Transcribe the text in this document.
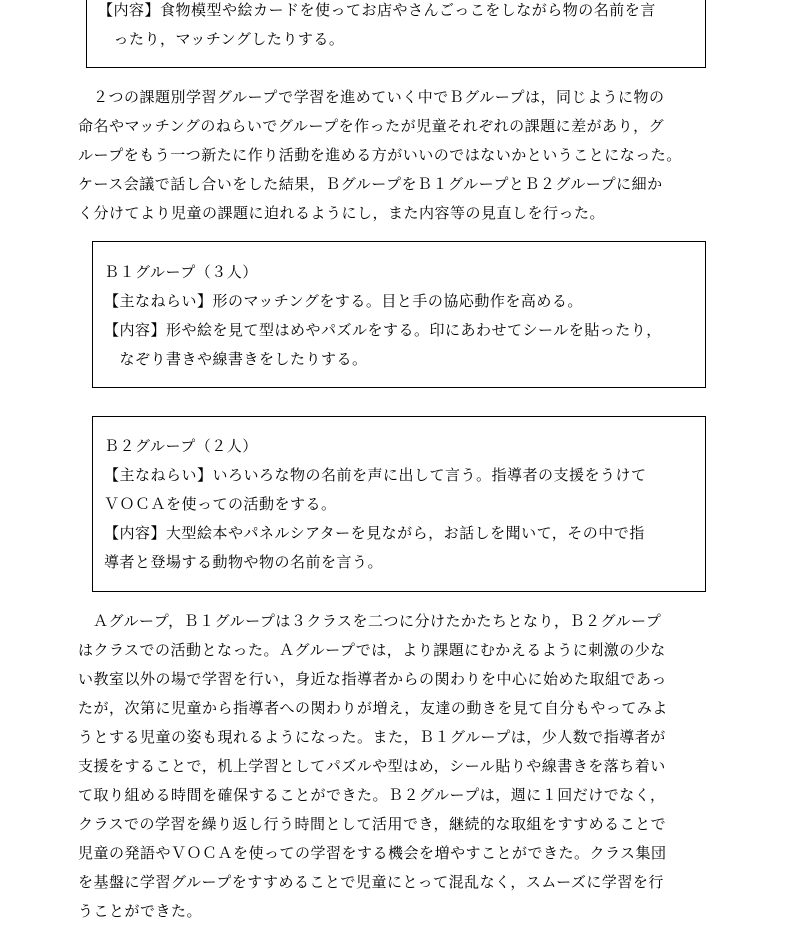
【内容】食物模型や絵カードを使ってお店やさんごっこをしながら物の名前を言
　ったり，マッチングしたりする。
２つの課題別学習グループで学習を進めていく中でＢグループは，同じように物の
命名やマッチングのねらいでグループを作ったが児童それぞれの課題に差があり，グ
ループをもう一つ新たに作り活動を進める方がいいのではないかということになった。
ケース会議で話し合いをした結果，ＢグループをＢ１グループとＢ２グループに細か
く分けてより児童の課題に迫れるようにし，また内容等の見直しを行った。
Ｂ１グループ（３人）
【主なねらい】形のマッチングをする。目と手の協応動作を高める。
【内容】形や絵を見て型はめやパズルをする。印にあわせてシールを貼ったり，
　なぞり書きや線書きをしたりする。
Ｂ２グループ（２人）
【主なねらい】いろいろな物の名前を声に出して言う。指導者の支援をうけて
ＶＯＣＡを使っての活動をする。
【内容】大型絵本やパネルシアターを見ながら，お話しを聞いて，その中で指
導者と登場する動物や物の名前を言う。
Ａグループ，Ｂ１グループは３クラスを二つに分けたかたちとなり，Ｂ２グループ
はクラスでの活動となった。Ａグループでは，より課題にむかえるように刺激の少な
い教室以外の場で学習を行い，身近な指導者からの関わりを中心に始めた取組であっ
たが，次第に児童から指導者への関わりが増え，友達の動きを見て自分もやってみよ
うとする児童の姿も現れるようになった。また，Ｂ１グループは，少人数で指導者が
支援をすることで，机上学習としてパズルや型はめ，シール貼りや線書きを落ち着い
て取り組める時間を確保することができた。Ｂ２グループは，週に１回だけでなく，
クラスでの学習を繰り返し行う時間として活用でき，継続的な取組をすすめることで
児童の発語やＶＯＣＡを使っての学習をする機会を増やすことができた。クラス集団
を基盤に学習グループをすすめることで児童にとって混乱なく，スムーズに学習を行
うことができた。
